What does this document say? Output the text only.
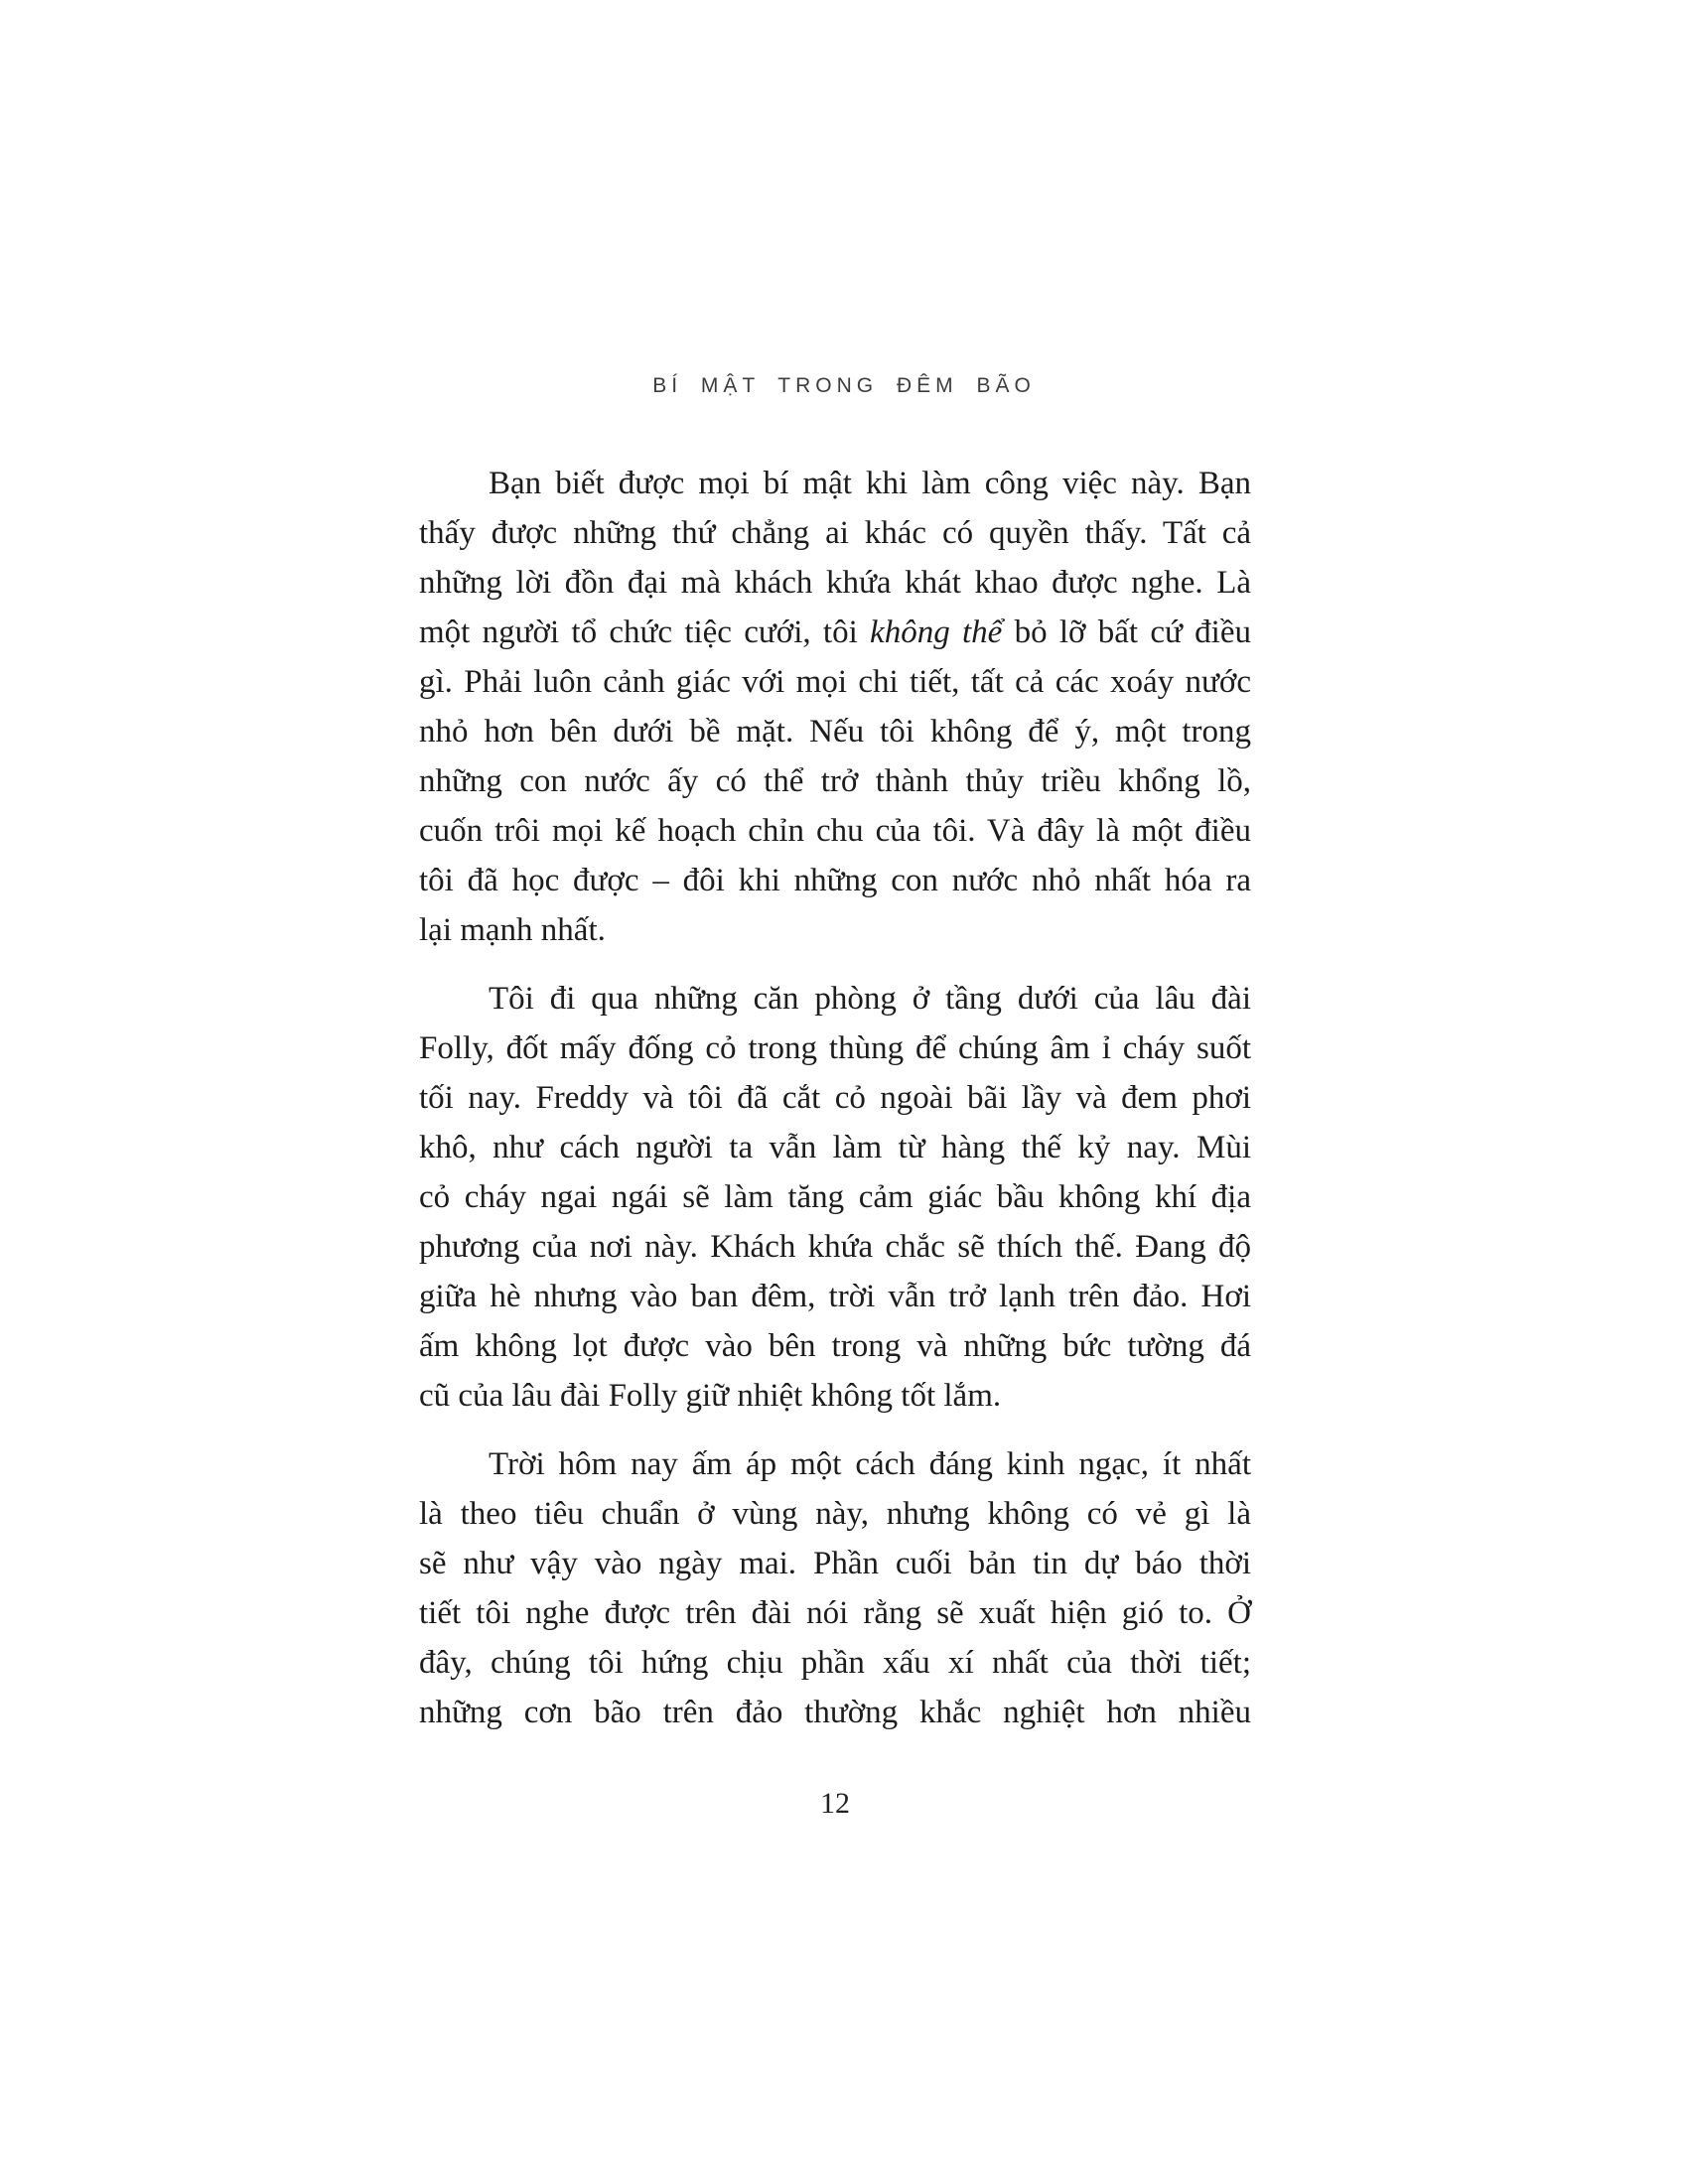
BÍ MẬT TRONG ĐÊM BÃO
Bạn biết được mọi bí mật khi làm công việc này. Bạn
thấy được những thứ chẳng ai khác có quyền thấy. Tất cả
những lời đồn đại mà khách khứa khát khao được nghe. Là
một người tổ chức tiệc cưới, tôi không thể bỏ lỡ bất cứ điều
gì. Phải luôn cảnh giác với mọi chi tiết, tất cả các xoáy nước
nhỏ hơn bên dưới bề mặt. Nếu tôi không để ý, một trong
những con nước ấy có thể trở thành thủy triều khổng lồ,
cuốn trôi mọi kế hoạch chỉn chu của tôi. Và đây là một điều
tôi đã học được – đôi khi những con nước nhỏ nhất hóa ra
lại mạnh nhất.
Tôi đi qua những căn phòng ở tầng dưới của lâu đài
Folly, đốt mấy đống cỏ trong thùng để chúng âm ỉ cháy suốt
tối nay. Freddy và tôi đã cắt cỏ ngoài bãi lầy và đem phơi
khô, như cách người ta vẫn làm từ hàng thế kỷ nay. Mùi
cỏ cháy ngai ngái sẽ làm tăng cảm giác bầu không khí địa
phương của nơi này. Khách khứa chắc sẽ thích thế. Đang độ
giữa hè nhưng vào ban đêm, trời vẫn trở lạnh trên đảo. Hơi
ấm không lọt được vào bên trong và những bức tường đá
cũ của lâu đài Folly giữ nhiệt không tốt lắm.
Trời hôm nay ấm áp một cách đáng kinh ngạc, ít nhất
là theo tiêu chuẩn ở vùng này, nhưng không có vẻ gì là
sẽ như vậy vào ngày mai. Phần cuối bản tin dự báo thời
tiết tôi nghe được trên đài nói rằng sẽ xuất hiện gió to. Ở
đây, chúng tôi hứng chịu phần xấu xí nhất của thời tiết;
những cơn bão trên đảo thường khắc nghiệt hơn nhiều
12
